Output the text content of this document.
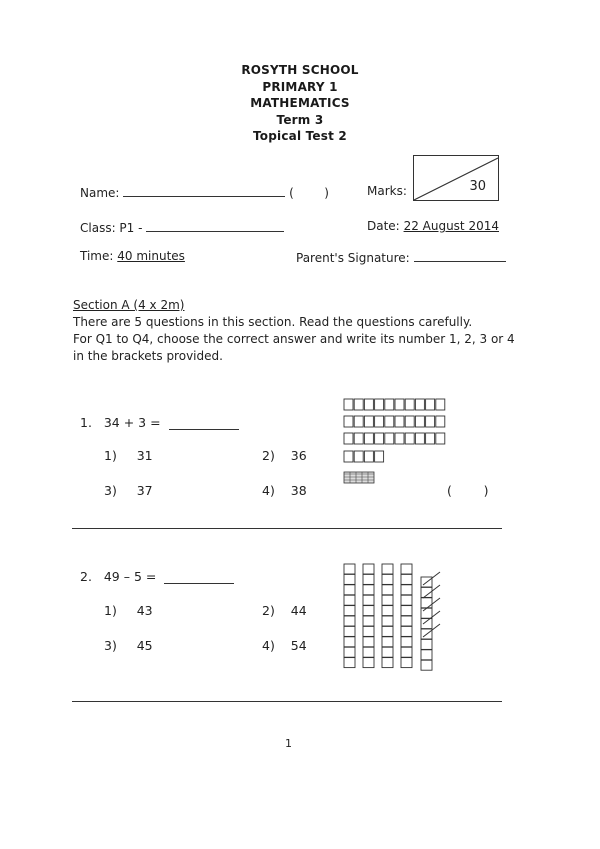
ROSYTH SCHOOL
PRIMARY 1
MATHEMATICS
Term 3
Topical Test 2
Name:	(        )	Marks:	30
Class: P1 -	Date: 22 August 2014
Time: 40 minutes	Parent's Signature:
Section A (4 x 2m)
There are 5 questions in this section. Read the questions carefully.
For Q1 to Q4, choose the correct answer and write its number 1, 2, 3 or 4
in the brackets provided.
1. 34 + 3 =
1) 31	2) 36
3) 37	4) 38	(        )
2. 49 – 5 =
1) 43	2) 44
3) 45	4) 54
1
